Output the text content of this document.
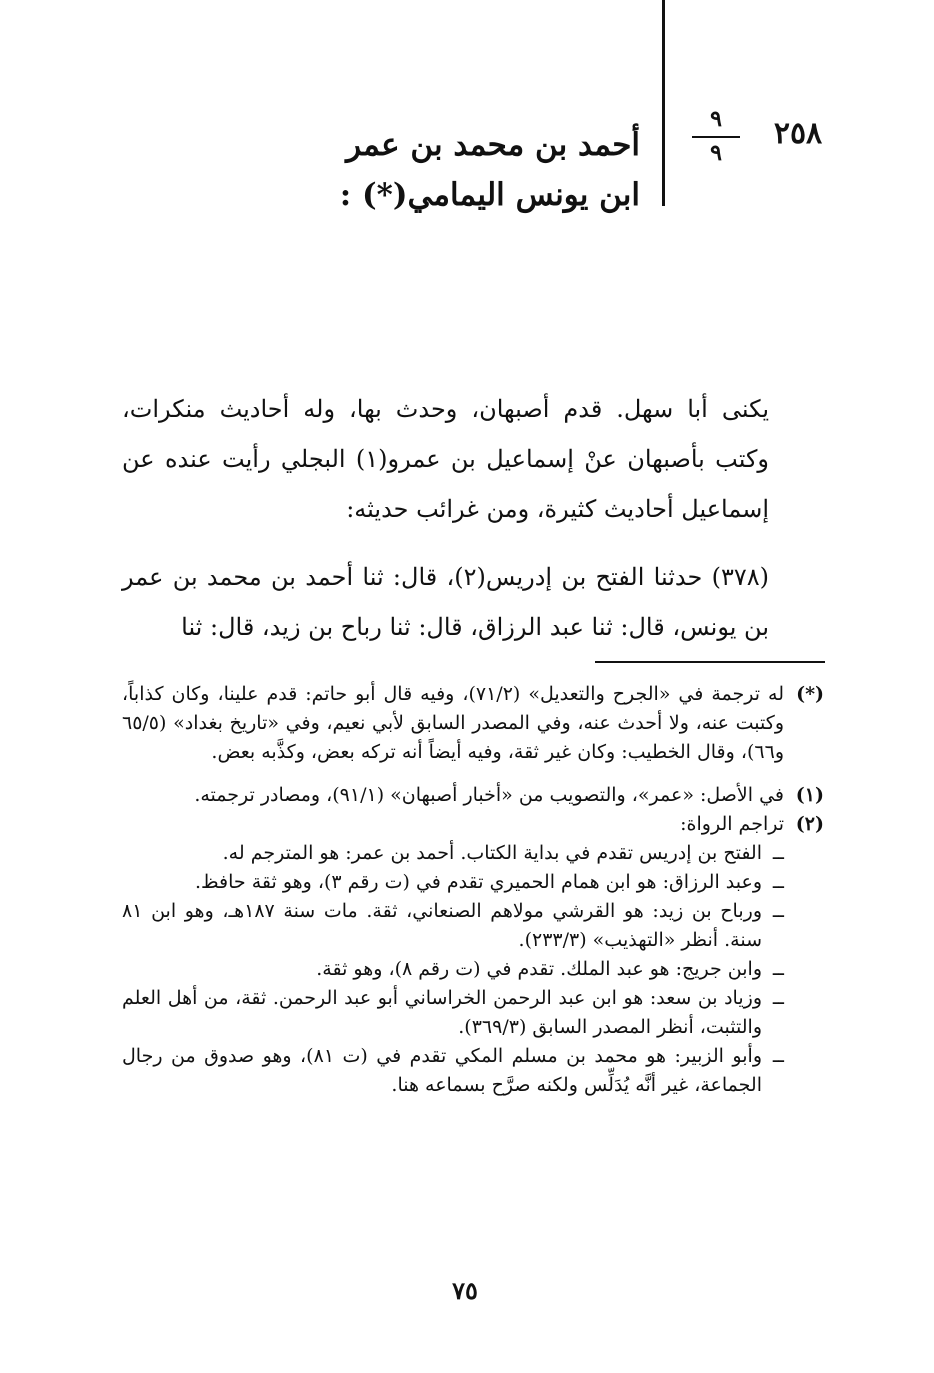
٢٥٨
٩
٩
أحمد بن محمد بن عمر
ابن يونس اليمامي(*) :

يكنى أبا سهل. قدم أصبهان، وحدث بها، وله أحاديث منكرات، وكتب بأصبهان عنْ إسماعيل بن عمرو(١) البجلي رأيت عنده عن إسماعيل أحاديث كثيرة، ومن غرائب حديثه:

(٣٧٨) حدثنا الفتح بن إدريس(٢)، قال: ثنا أحمد بن محمد بن عمر بن يونس، قال: ثنا عبد الرزاق، قال: ثنا رباح بن زيد، قال: ثنا

(*)
له ترجمة في «الجرح والتعديل» (٧١/٢)، وفيه قال أبو حاتم: قدم علينا، وكان كذاباً، وكتبت عنه، ولا أحدث عنه، وفي المصدر السابق لأبي نعيم، وفي «تاريخ بغداد» (٦٥/٥ و٦٦)، وقال الخطيب: وكان غير ثقة، وفيه أيضاً أنه تركه بعض، وكذَّبه بعض.
(١)
في الأصل: «عمر»، والتصويب من «أخبار أصبهان» (٩١/١)، ومصادر ترجمته.
(٢)
تراجم الرواة:
ــ
الفتح بن إدريس تقدم في بداية الكتاب. أحمد بن عمر: هو المترجم له.
ــ
وعبد الرزاق: هو ابن همام الحميري تقدم في (ت رقم ٣)، وهو ثقة حافظ.
ــ
ورباح بن زيد: هو القرشي مولاهم الصنعاني، ثقة. مات سنة ١٨٧هـ، وهو ابن ٨١ سنة. أنظر «التهذيب» (٢٣٣/٣).
ــ
وابن جريج: هو عبد الملك. تقدم في (ت رقم ٨)، وهو ثقة.
ــ
وزياد بن سعد: هو ابن عبد الرحمن الخراساني أبو عبد الرحمن. ثقة، من أهل العلم والتثبت، أنظر المصدر السابق (٣٦٩/٣).
ــ
وأبو الزبير: هو محمد بن مسلم المكي تقدم في (ت ٨١)، وهو صدوق من رجال الجماعة، غير أنَّه يُدَلِّس ولكنه صرَّح بسماعه هنا.
٧٥
